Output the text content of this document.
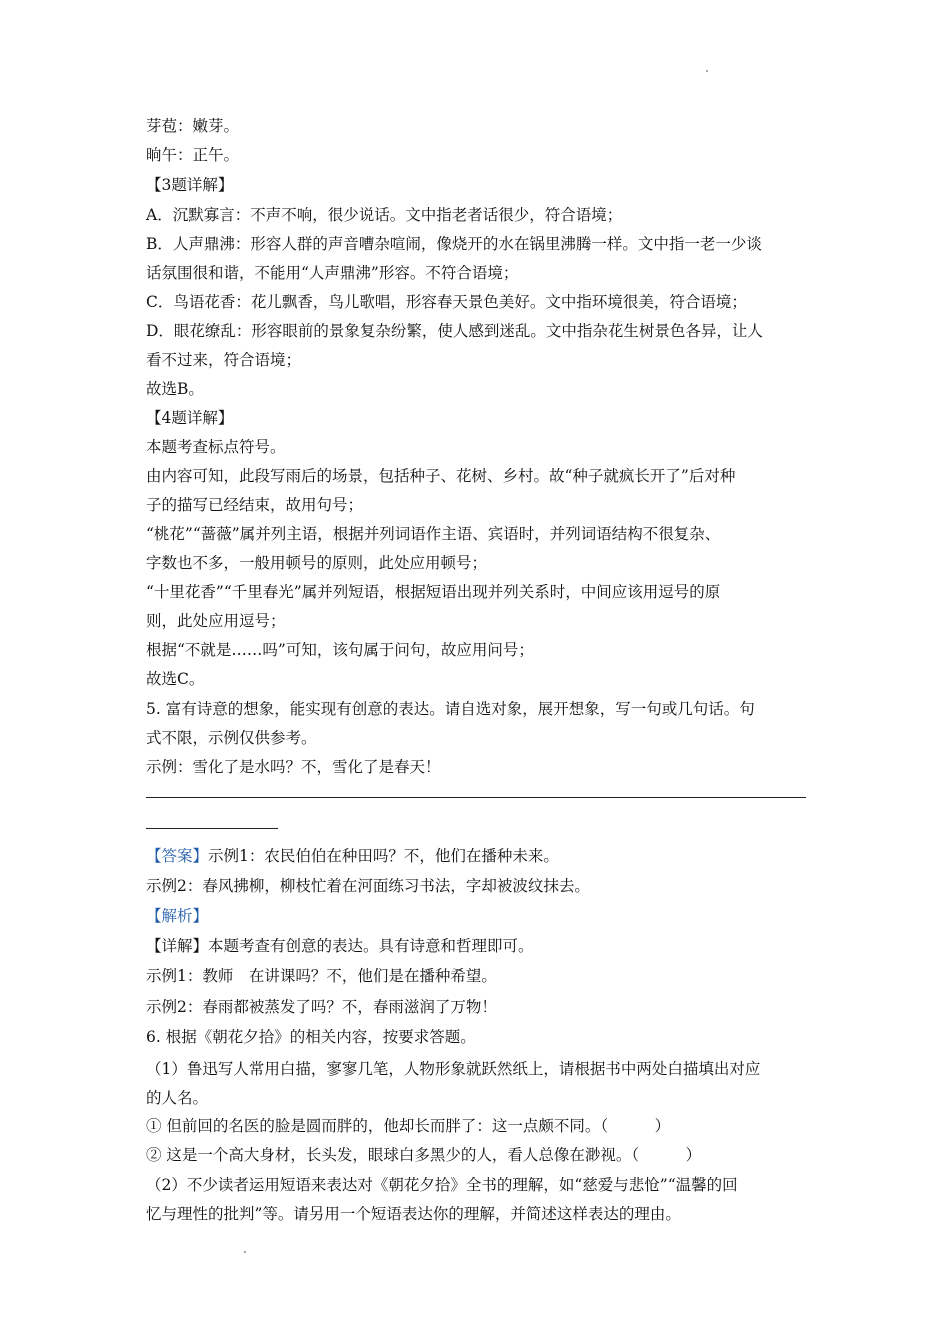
芽苞：嫩芽。
晌午：正午。
【3题详解】
A．沉默寡言：不声不响，很少说话。文中指老者话很少，符合语境；
B．人声鼎沸：形容人群的声音嘈杂喧闹，像烧开的水在锅里沸腾一样。文中指一老一少谈
话氛围很和谐，不能用“人声鼎沸”形容。不符合语境；
C．鸟语花香：花儿飘香，鸟儿歌唱，形容春天景色美好。文中指环境很美，符合语境；
D．眼花缭乱：形容眼前的景象复杂纷繁，使人感到迷乱。文中指杂花生树景色各异，让人
看不过来，符合语境；
故选B。
【4题详解】
本题考查标点符号。
由内容可知，此段写雨后的场景，包括种子、花树、乡村。故“种子就疯长开了”后对种
子的描写已经结束，故用句号；
“桃花”“蔷薇”属并列主语，根据并列词语作主语、宾语时，并列词语结构不很复杂、
字数也不多，一般用顿号的原则，此处应用顿号；
“十里花香”“千里春光”属并列短语，根据短语出现并列关系时，中间应该用逗号的原
则，此处应用逗号；
根据“不就是……吗”可知，该句属于问句，故应用问号；
故选C。
5. 富有诗意的想象，能实现有创意的表达。请自选对象，展开想象，写一句或几句话。句
式不限，示例仅供参考。
示例：雪化了是水吗？不，雪化了是春天！
【答案】示例1：农民伯伯在种田吗？不，他们在播种未来。
示例2：春风拂柳，柳枝忙着在河面练习书法，字却被波纹抹去。
【解析】
【详解】本题考查有创意的表达。具有诗意和哲理即可。
示例1：教师　在讲课吗？不，他们是在播种希望。
示例2：春雨都被蒸发了吗？不，春雨滋润了万物！
6. 根据《朝花夕拾》的相关内容，按要求答题。
（1）鲁迅写人常用白描，寥寥几笔，人物形象就跃然纸上，请根据书中两处白描填出对应
的人名。
① 但前回的名医的脸是圆而胖的，他却长而胖了：这一点颇不同。（　　　）
② 这是一个高大身材，长头发，眼球白多黑少的人，看人总像在渺视。（　　　）
（2）不少读者运用短语来表达对《朝花夕拾》全书的理解，如“慈爱与悲怆”“温馨的回
忆与理性的批判”等。请另用一个短语表达你的理解，并简述这样表达的理由。
